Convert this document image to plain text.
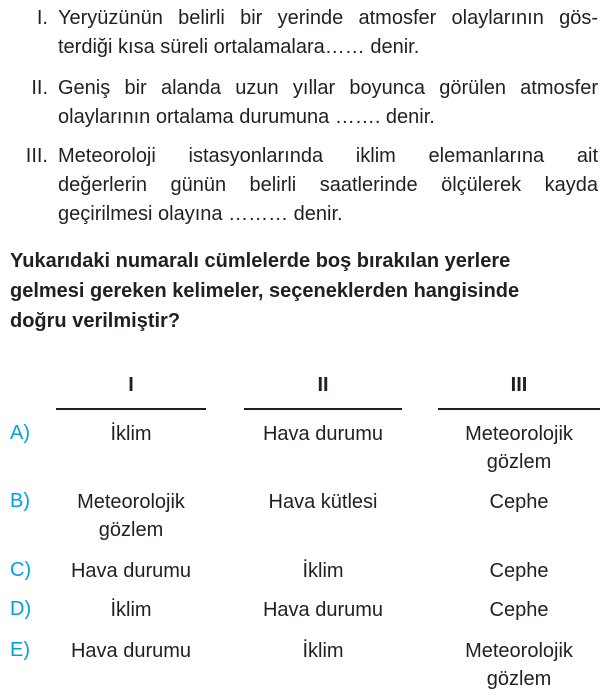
I. Yeryüzünün belirli bir yerinde atmosfer olaylarının gös-
terdiği kısa süreli ortalamalara…… denir.
II. Geniş bir alanda uzun yıllar boyunca görülen atmosfer
olaylarının ortalama durumuna ……. denir.
III. Meteoroloji istasyonlarında iklim elemanlarına ait
değerlerin günün belirli saatlerinde ölçülerek kayda
geçirilmesi olayına ……… denir.
Yukarıdaki numaralı cümlelerde boş bırakılan yerlere
gelmesi gereken kelimeler, seçeneklerden hangisinde
doğru verilmiştir?
I	II	III
A)	İklim	Hava durumu	Meteorolojik
gözlem
B)	Meteorolojik
gözlem
Hava kütlesi	Cephe
C)	Hava durumu	İklim	Cephe
D)	İklim	Hava durumu	Cephe
E)	Hava durumu	İklim	Meteorolojik
gözlem
